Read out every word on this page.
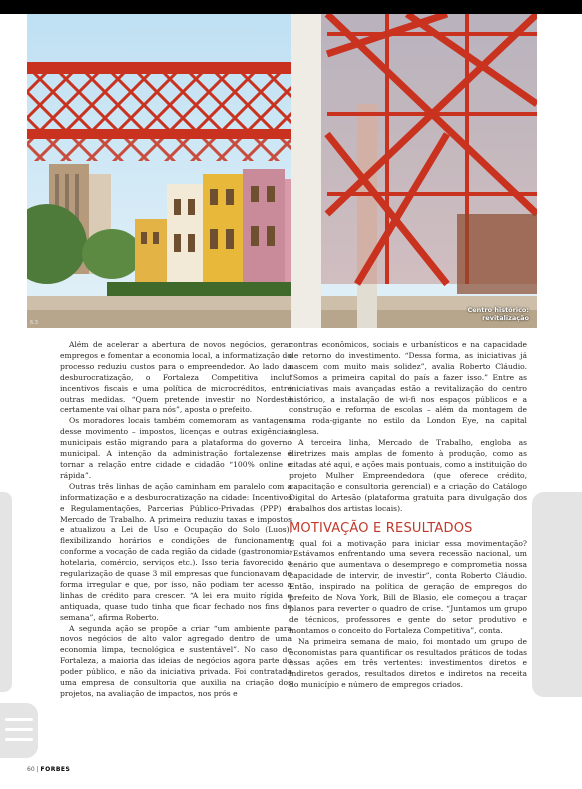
Centro histórico:
revitalização
6.3

Além de acelerar a abertura de novos negócios, gerar empregos e fomentar a economia local, a informatização do processo reduziu custos para o empreendedor. Ao lado da desburocratização, o Fortaleza Competitiva inclui incentivos fiscais e uma política de microcréditos, entre outras medidas. “Quem pretende investir no Nordeste certamente vai olhar para nós”, aposta o prefeito.

Os moradores locais também comemoram as vantagens desse movimento – impostos, licenças e outras exigências municipais estão migrando para a plataforma do governo municipal. A intenção da administração fortalezense é tornar a relação entre cidade e cidadão “100% online e rápida”.

Outras três linhas de ação caminham em paralelo com a informatização e a desburocratização na cidade: Incentivos e Regulamentações, Parcerias Público-Privadas (PPP) e Mercado de Trabalho. A primeira reduziu taxas e impostos e atualizou a Lei de Uso e Ocupação do Solo (Luos), flexibilizando horários e condições de funcionamento conforme a vocação de cada região da cidade (gastronomia, hotelaria, comércio, serviços etc.). Isso teria favorecido a regularização de quase 3 mil empresas que funcionavam de forma irregular e que, por isso, não podiam ter acesso a linhas de crédito para crescer. “A lei era muito rígida e antiquada, quase tudo tinha que ficar fechado nos fins de semana”, afirma Roberto.

A segunda ação se propõe a criar “um ambiente para novos negócios de alto valor agregado dentro de uma economia limpa, tecnológica e sustentável”. No caso de Fortaleza, a maioria das ideias de negócios agora parte do poder público, e não da iniciativa privada. Foi contratada uma empresa de consultoria que auxilia na criação dos projetos, na avaliação de impactos, nos prós e

contras econômicos, sociais e urbanísticos e na capacidade de retorno do investimento. “Dessa forma, as iniciativas já nascem com muito mais solidez”, avalia Roberto Cláudio. “Somos a primeira capital do país a fazer isso.” Entre as iniciativas mais avançadas estão a revitalização do centro histórico, a instalação de wi-fi nos espaços públicos e a construção e reforma de escolas – além da montagem de uma roda-gigante no estilo da London Eye, na capital inglesa.

A terceira linha, Mercado de Trabalho, engloba as diretrizes mais amplas de fomento à produção, como as citadas até aqui, e ações mais pontuais, como a instituição do projeto Mulher Empreendedora (que oferece crédito, capacitação e consultoria gerencial) e a criação do Catálogo Digital do Artesão (plataforma gratuita para divulgação dos trabalhos dos artistas locais).

MOTIVAÇÃO E RESULTADOS

E qual foi a motivação para iniciar essa movimentação? “Estávamos enfrentando uma severa recessão nacional, um cenário que aumentava o desemprego e comprometia nossa capacidade de intervir, de investir”, conta Roberto Cláudio. Então, inspirado na política de geração de empregos do prefeito de Nova York, Bill de Blasio, ele começou a traçar planos para reverter o quadro de crise. “Juntamos um grupo de técnicos, professores e gente do setor produtivo e montamos o conceito do Fortaleza Competitiva”, conta.

Na primeira semana de maio, foi montado um grupo de economistas para quantificar os resultados práticos de todas essas ações em três vertentes: investimentos diretos e indiretos gerados, resultados diretos e indiretos na receita do município e número de empregos criados.

60 | FORBES
